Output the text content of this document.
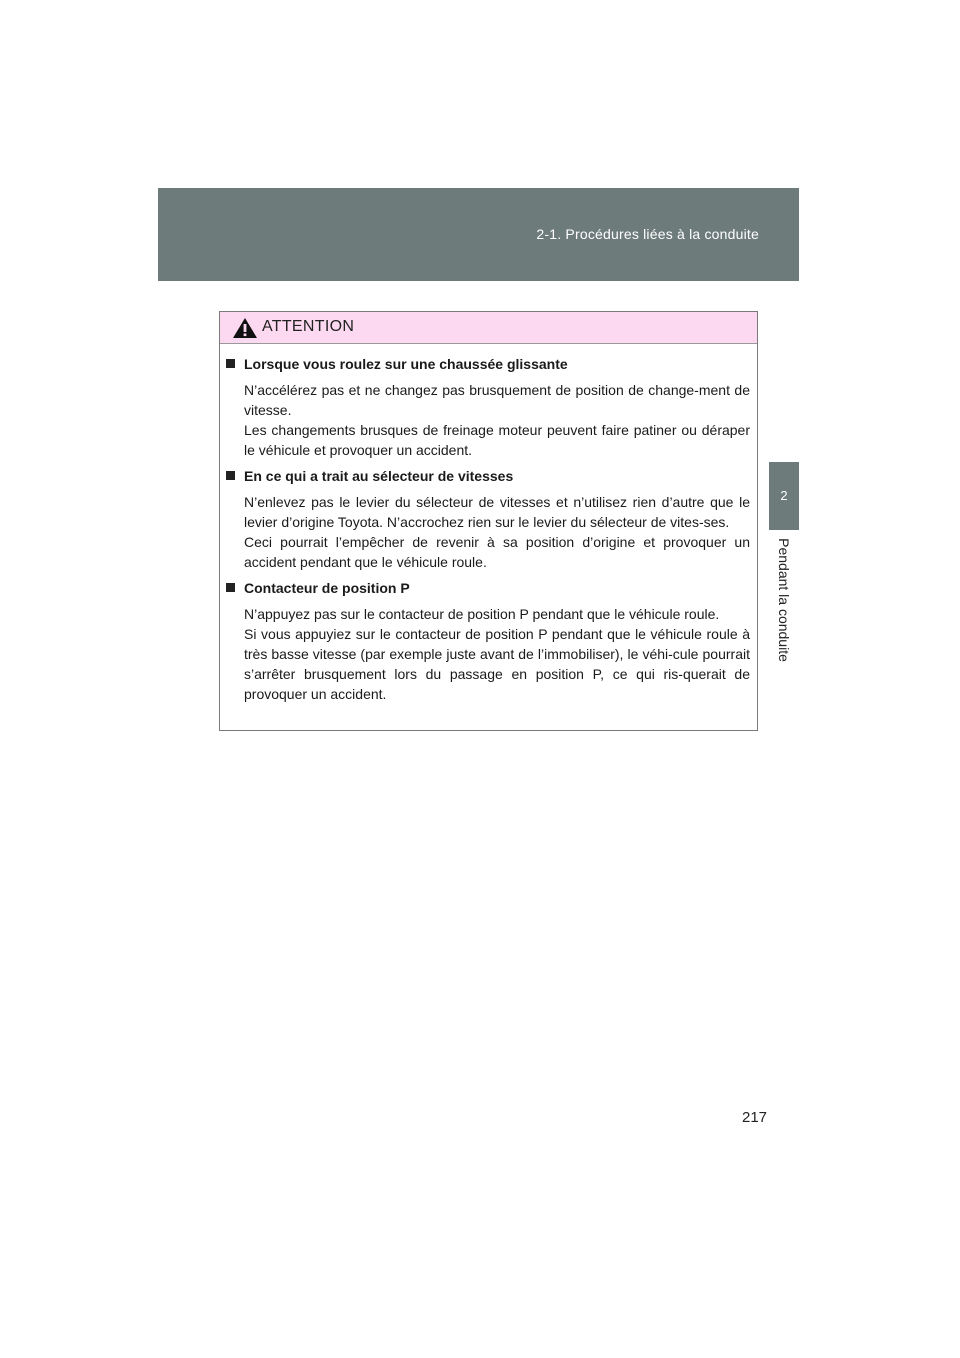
2-1. Procédures liées à la conduite
2
Pendant la conduite
ATTENTION
Lorsque vous roulez sur une chaussée glissante

N’accélérez pas et ne changez pas brusquement de position de change-ment de vitesse.

Les changements brusques de freinage moteur peuvent faire patiner ou déraper le véhicule et provoquer un accident.

En ce qui a trait au sélecteur de vitesses

N’enlevez pas le levier du sélecteur de vitesses et n’utilisez rien d’autre que le levier d’origine Toyota. N’accrochez rien sur le levier du sélecteur de vites-ses.

Ceci pourrait l’empêcher de revenir à sa position d’origine et provoquer un accident pendant que le véhicule roule.

Contacteur de position P

N’appuyez pas sur le contacteur de position P pendant que le véhicule roule.

Si vous appuyiez sur le contacteur de position P pendant que le véhicule roule à très basse vitesse (par exemple juste avant de l’immobiliser), le véhi-cule pourrait s’arrêter brusquement lors du passage en position P, ce qui ris-querait de provoquer un accident.

217
